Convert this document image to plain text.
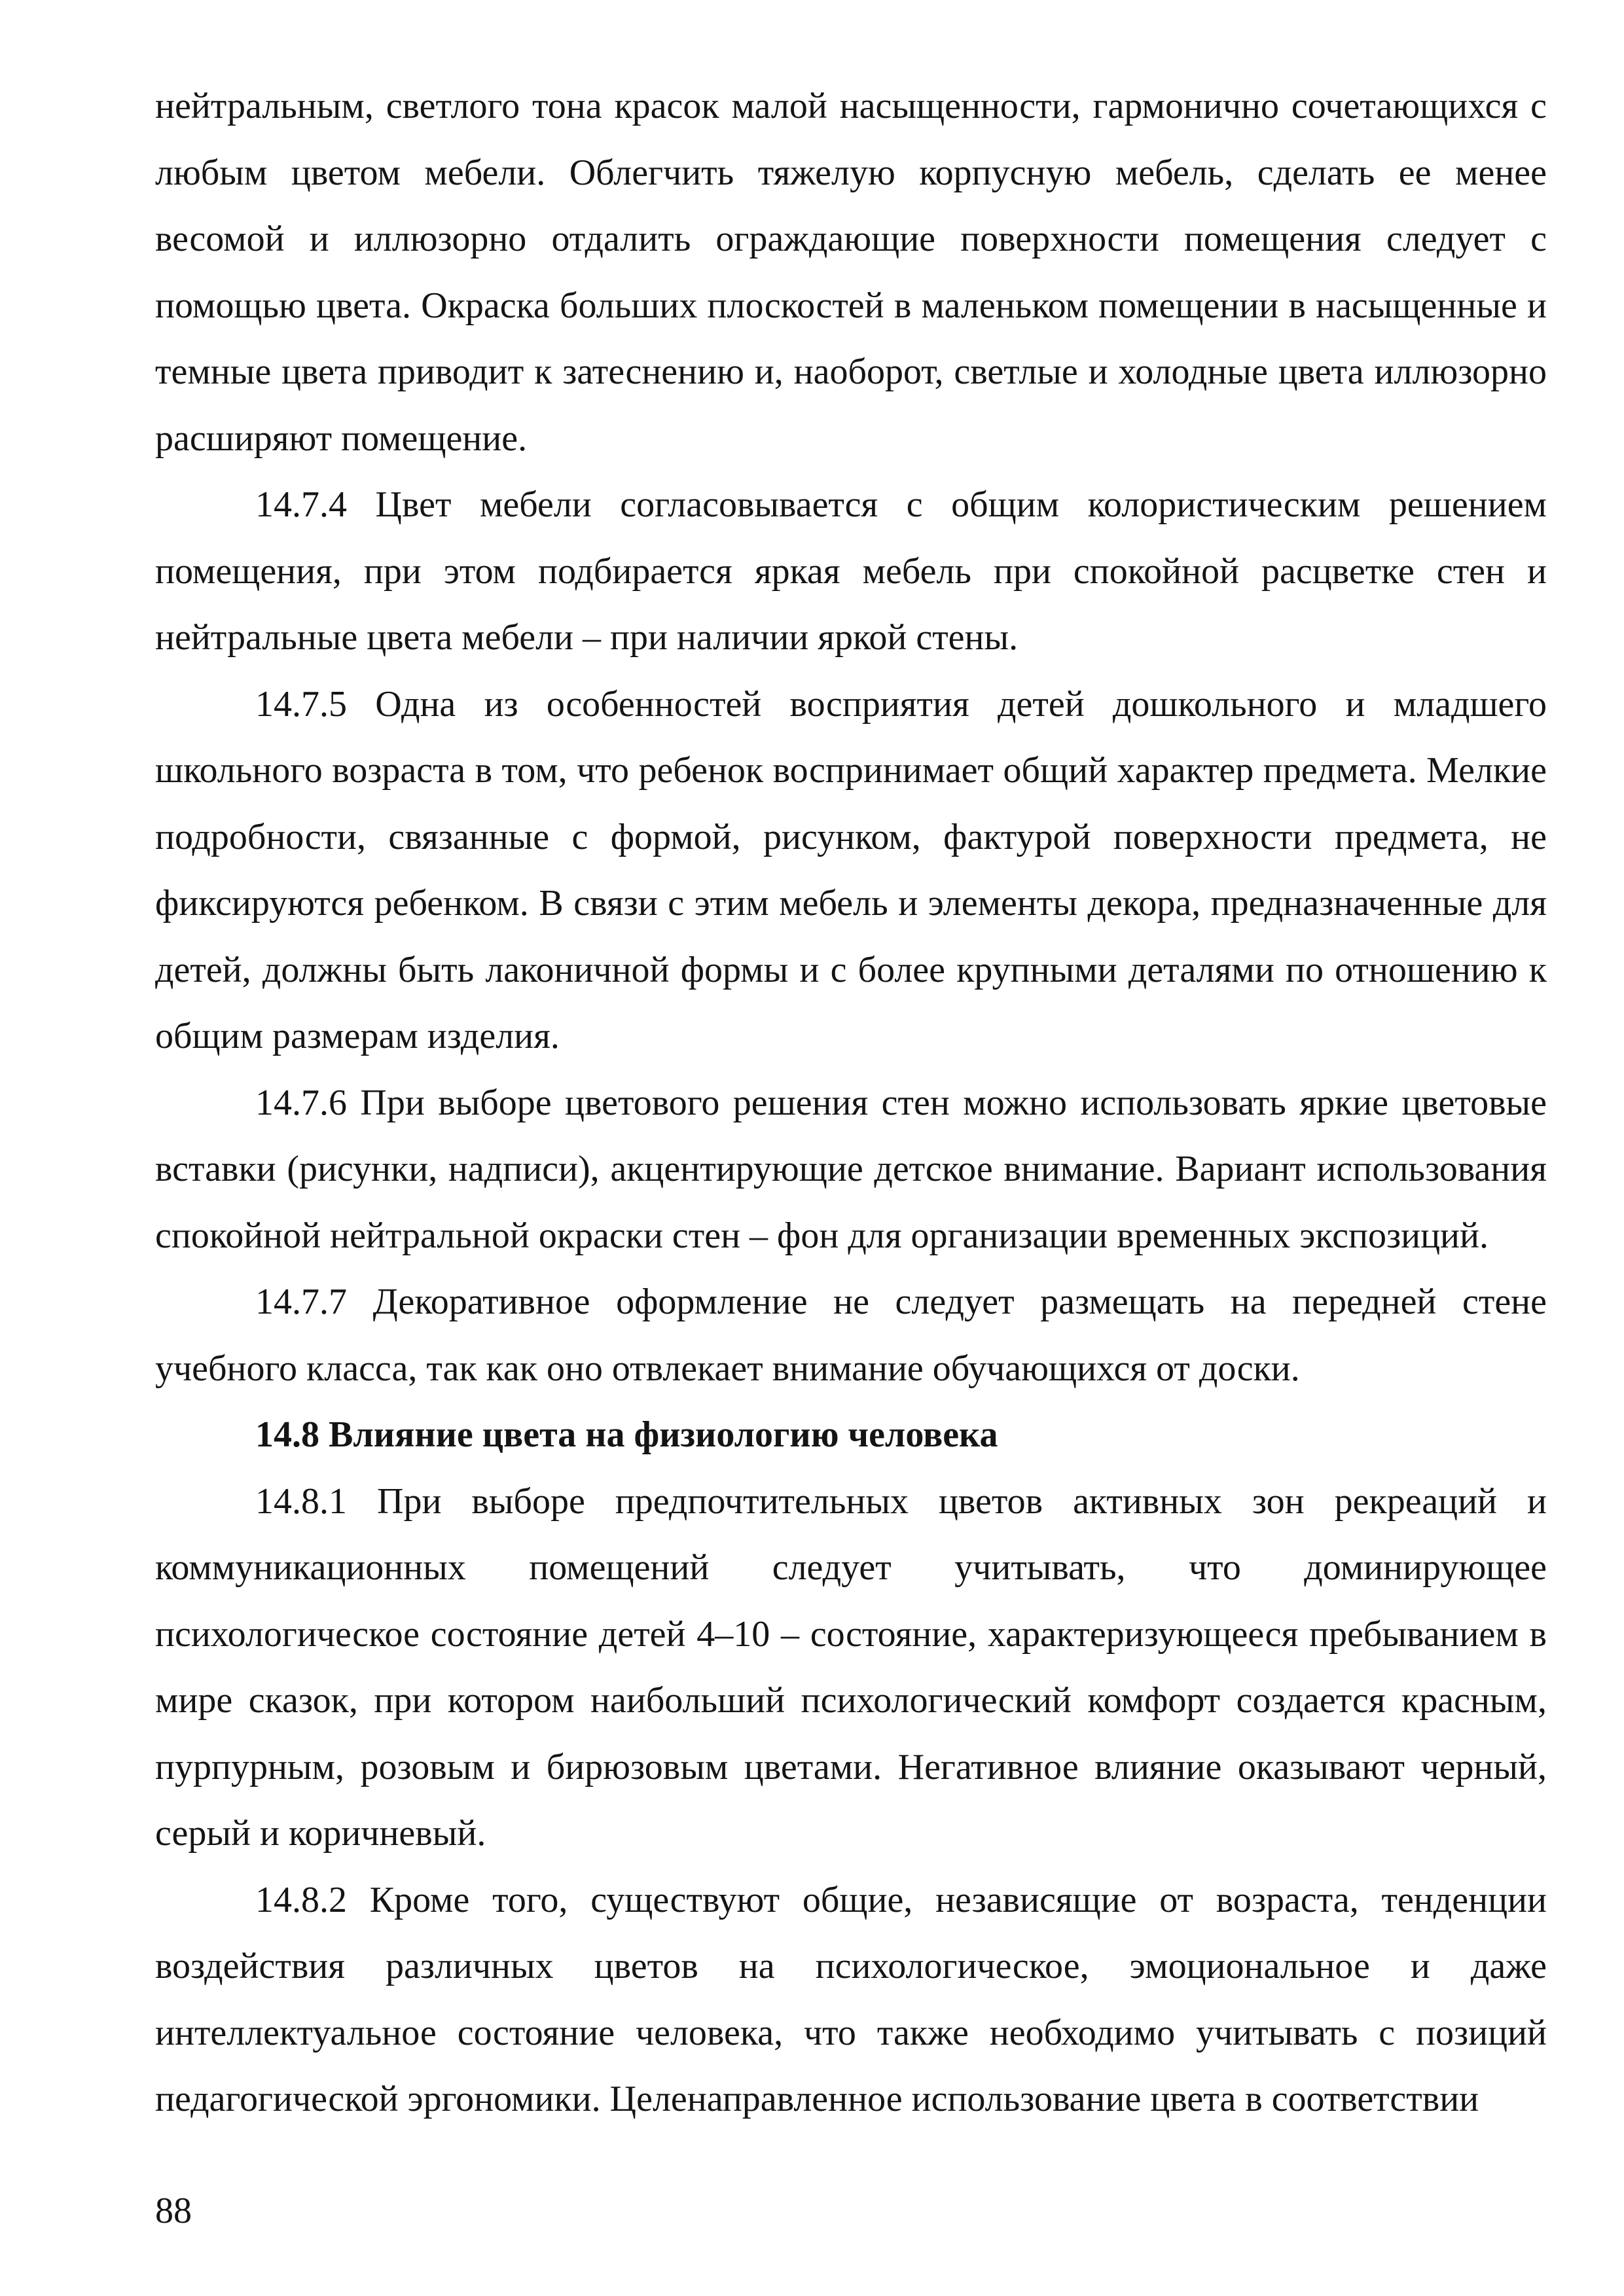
нейтральным, светлого тона красок малой насыщенности, гармонично сочетающихся с любым цветом мебели. Облегчить тяжелую корпусную мебель, сделать ее менее весомой и иллюзорно отдалить ограждающие поверхности помещения следует с помощью цвета. Окраска больших плоскостей в маленьком помещении в насыщенные и темные цвета приводит к затеснению и, наоборот, светлые и холодные цвета иллюзорно расширяют помещение.

14.7.4 Цвет мебели согласовывается с общим колористическим решением помещения, при этом подбирается яркая мебель при спокойной расцветке стен и нейтральные цвета мебели – при наличии яркой стены.

14.7.5 Одна из особенностей восприятия детей дошкольного и младшего школьного возраста в том, что ребенок воспринимает общий характер предмета. Мелкие подробности, связанные с формой, рисунком, фактурой поверхности предмета, не фиксируются ребенком. В связи с этим мебель и элементы декора, предназначенные для детей, должны быть лаконичной формы и с более крупными деталями по отношению к общим размерам изделия.

14.7.6 При выборе цветового решения стен можно использовать яркие цветовые вставки (рисунки, надписи), акцентирующие детское внимание. Вариант использования спокойной нейтральной окраски стен – фон для организации временных экспозиций.

14.7.7 Декоративное оформление не следует размещать на передней стене учебного класса, так как оно отвлекает внимание обучающихся от доски.

14.8 Влияние цвета на физиологию человека

14.8.1 При выборе предпочтительных цветов активных зон рекреаций и коммуникационных помещений следует учитывать, что доминирующее психологическое состояние детей 4–10 – состояние, характеризующееся пребыванием в мире сказок, при котором наибольший психологический комфорт создается красным, пурпурным, розовым и бирюзовым цветами. Негативное влияние оказывают черный, серый и коричневый.

14.8.2 Кроме того, существуют общие, независящие от возраста, тенденции воздействия различных цветов на психологическое, эмоциональное и даже интеллектуальное состояние человека, что также необходимо учитывать с позиций педагогической эргономики. Целенаправленное использование цвета в соответствии

88
